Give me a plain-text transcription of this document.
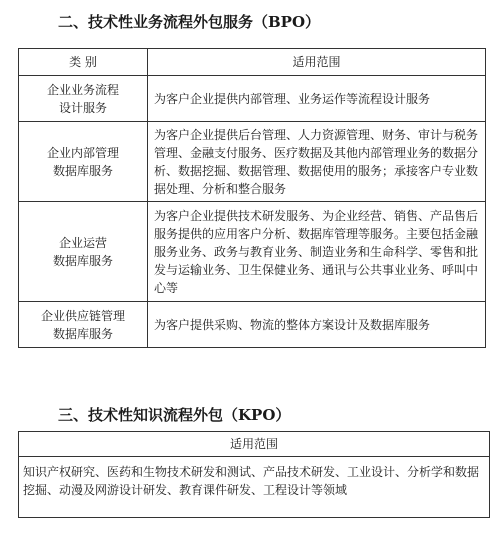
二、技术性业务流程外包服务（BPO）
类 别	适用范围
企业业务流程
设计服务	为客户企业提供内部管理、业务运作等流程设计服务
企业内部管理
数据库服务	为客户企业提供后台管理、人力资源管理、财务、审计与税务管理、金融支付服务、医疗数据及其他内部管理业务的数据分析、数据挖掘、数据管理、数据使用的服务；承接客户专业数据处理、分析和整合服务
企业运营
数据库服务	为客户企业提供技术研发服务、为企业经营、销售、产品售后服务提供的应用客户分析、数据库管理等服务。主要包括金融服务业务、政务与教育业务、制造业务和生命科学、零售和批发与运输业务、卫生保健业务、通讯与公共事业业务、呼叫中心等
企业供应链管理
数据库服务	为客户提供采购、物流的整体方案设计及数据库服务
三、技术性知识流程外包（KPO）
适用范围
知识产权研究、医药和生物技术研发和测试、产品技术研发、工业设计、分析学和数据挖掘、动漫及网游设计研发、教育课件研发、工程设计等领域
